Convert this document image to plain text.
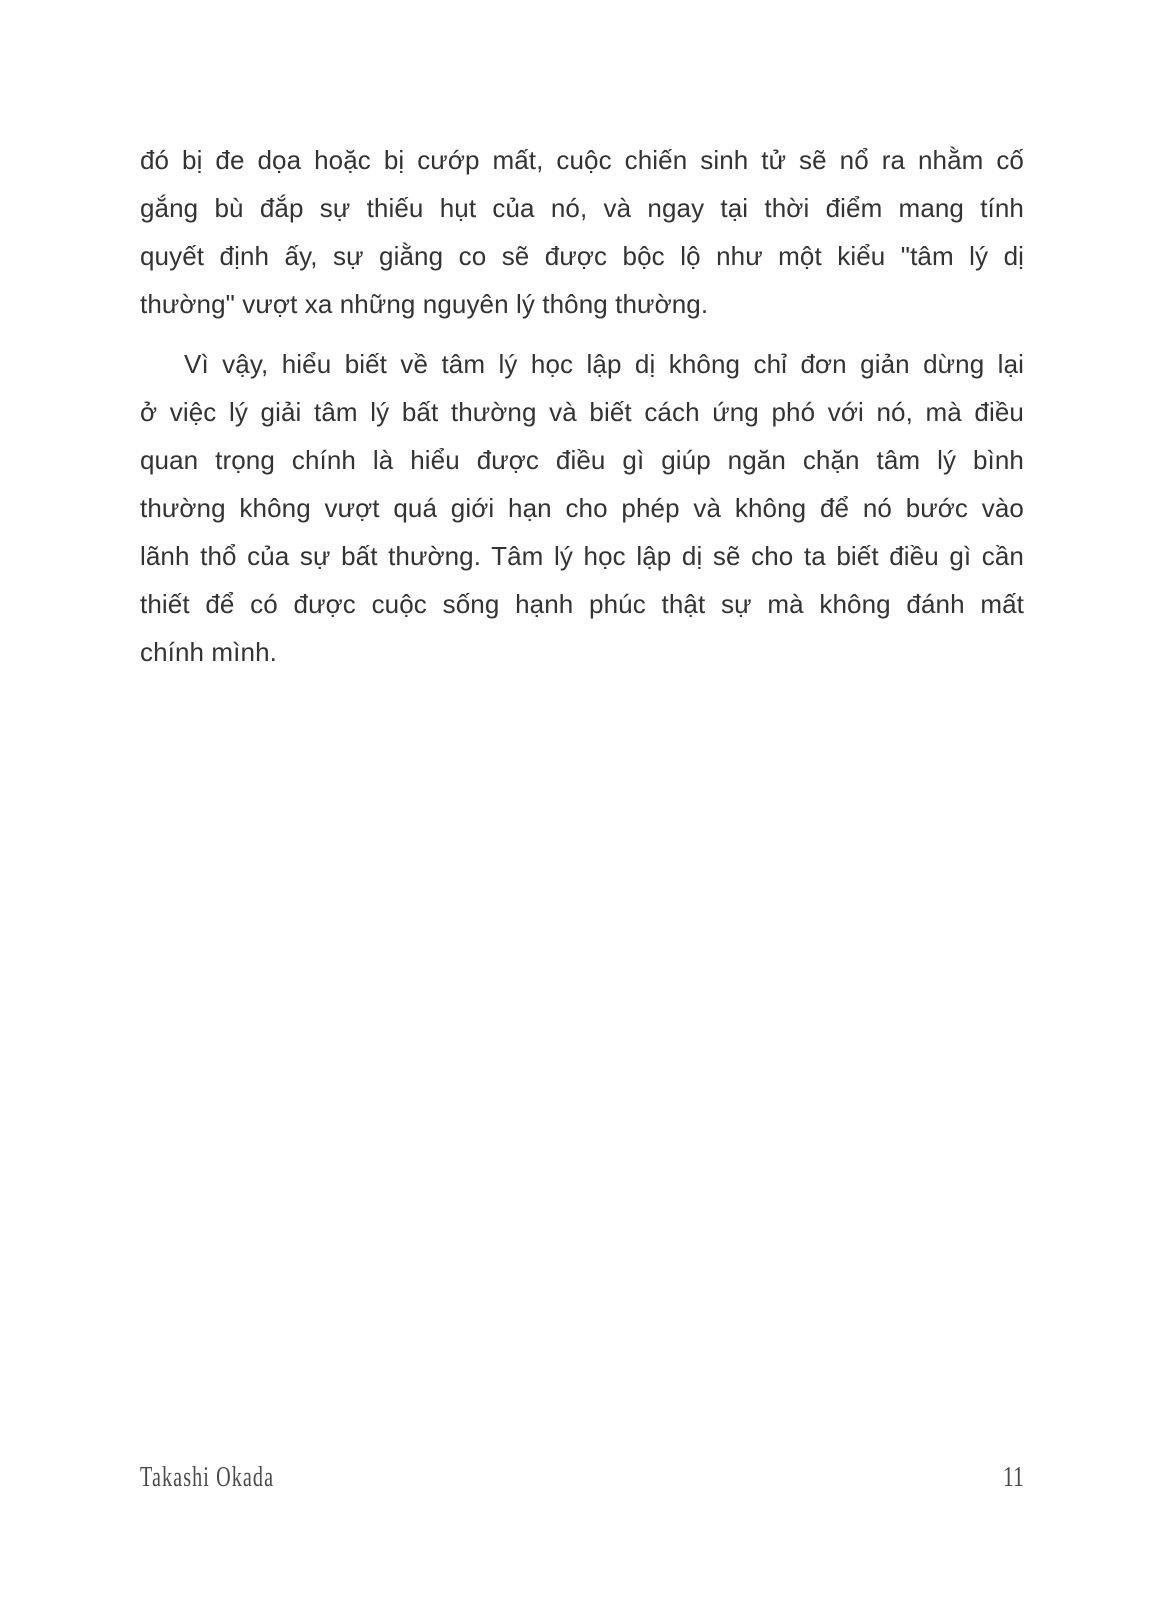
đó bị đe dọa hoặc bị cướp mất, cuộc chiến sinh tử sẽ nổ ra nhằm cố
gắng bù đắp sự thiếu hụt của nó, và ngay tại thời điểm mang tính
quyết định ấy, sự giằng co sẽ được bộc lộ như một kiểu "tâm lý dị
thường" vượt xa những nguyên lý thông thường.
Vì vậy, hiểu biết về tâm lý học lập dị không chỉ đơn giản dừng lại
ở việc lý giải tâm lý bất thường và biết cách ứng phó với nó, mà điều
quan trọng chính là hiểu được điều gì giúp ngăn chặn tâm lý bình
thường không vượt quá giới hạn cho phép và không để nó bước vào
lãnh thổ của sự bất thường. Tâm lý học lập dị sẽ cho ta biết điều gì cần
thiết để có được cuộc sống hạnh phúc thật sự mà không đánh mất
chính mình.
Takashi Okada	11
